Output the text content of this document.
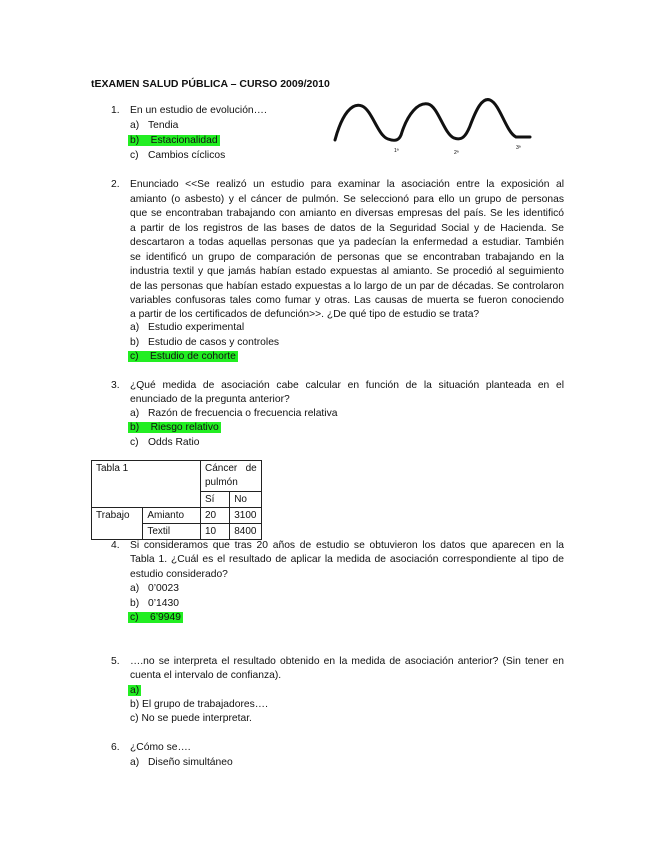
tEXAMEN SALUD PÚBLICA – CURSO 2009/2010
1. En un estudio de evolución….
a) Tendia
b) Estacionalidad
c) Cambios cíclicos	1ª	2ª
3ª
2. Enunciado <<Se realizó un estudio para examinar la asociación entre la exposición al
amianto (o asbesto) y el cáncer de pulmón. Se seleccionó para ello un grupo de personas
que se encontraban trabajando con amianto en diversas empresas del país. Se les identificó
a partir de los registros de las bases de datos de la Seguridad Social y de Hacienda. Se
descartaron a todas aquellas personas que ya padecían la enfermedad a estudiar. También
se identificó un grupo de comparación de personas que se encontraban trabajando en la
industria textil y que jamás habían estado expuestas al amianto. Se procedió al seguimiento
de las personas que habían estado expuestas a lo largo de un par de décadas. Se controlaron
variables confusoras tales como fumar y otras. Las causas de muerta se fueron conociendo
a partir de los certificados de defunción>>. ¿De qué tipo de estudio se trata?
a) Estudio experimental
b) Estudio de casos y controles
c) Estudio de cohorte
3. ¿Qué medida de asociación cabe calcular en función de la situación planteada en el
enunciado de la pregunta anterior?
a) Razón de frecuencia o frecuencia relativa
b) Riesgo relativo
c) Odds Ratio
Tabla 1		Cáncer   de
pulmón	
		Sí	No
Trabajo	Amianto	20	3100
	Textil	10	8400
4. Si consideramos que tras 20 años de estudio se obtuvieron los datos que aparecen en la
Tabla 1. ¿Cuál es el resultado de aplicar la medida de asociación correspondiente al tipo de
estudio considerado?
a) 0’0023
b) 0’1430
c) 6’9949
5. ….no se interpreta el resultado obtenido en la medida de asociación anterior? (Sin tener en
cuenta el intervalo de confianza).
a)
b) El grupo de trabajadores….
c) No se puede interpretar.
6. ¿Cómo se….
a) Diseño simultáneo
